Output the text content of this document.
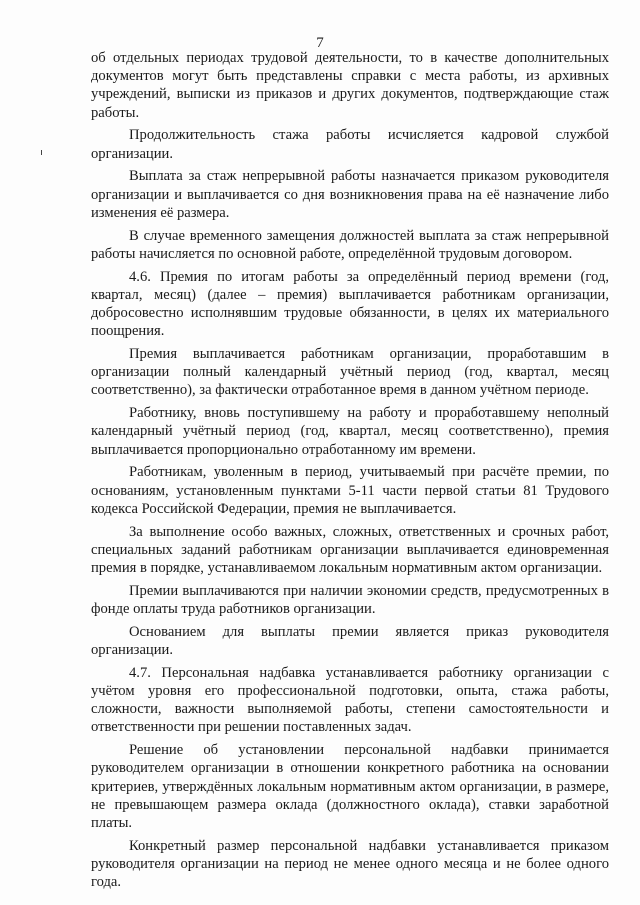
7

об отдельных периодах трудовой деятельности, то в качестве дополнительных документов могут быть представлены справки с места работы, из архивных учреждений, выписки из приказов и других документов, подтверждающие стаж работы.

Продолжительность стажа работы исчисляется кадровой службой организации.

Выплата за стаж непрерывной работы назначается приказом руководителя организации и выплачивается со дня возникновения права на её назначение либо изменения её размера.

В случае временного замещения должностей выплата за стаж непрерывной работы начисляется по основной работе, определённой трудовым договором.

4.6. Премия по итогам работы за определённый период времени (год, квартал, месяц) (далее – премия) выплачивается работникам организации, добросовестно исполнявшим трудовые обязанности, в целях их материального поощрения.

Премия выплачивается работникам организации, проработавшим в организации полный календарный учётный период (год, квартал, месяц соответственно), за фактически отработанное время в данном учётном периоде.

Работнику, вновь поступившему на работу и проработавшему неполный календарный учётный период (год, квартал, месяц соответственно), премия выплачивается пропорционально отработанному им времени.

Работникам, уволенным в период, учитываемый при расчёте премии, по основаниям, установленным пунктами 5-11 части первой статьи 81 Трудового кодекса Российской Федерации, премия не выплачивается.

За выполнение особо важных, сложных, ответственных и срочных работ, специальных заданий работникам организации выплачивается единовременная премия в порядке, устанавливаемом локальным нормативным актом организации.

Премии выплачиваются при наличии экономии средств, предусмотренных в фонде оплаты труда работников организации.

Основанием для выплаты премии является приказ руководителя организации.

4.7. Персональная надбавка устанавливается работнику организации с учётом уровня его профессиональной подготовки, опыта, стажа работы, сложности, важности выполняемой работы, степени самостоятельности и ответственности при решении поставленных задач.

Решение об установлении персональной надбавки принимается руководителем организации в отношении конкретного работника на основании критериев, утверждённых локальным нормативным актом организации, в размере, не превышающем размера оклада (должностного оклада), ставки заработной платы.

Конкретный размер персональной надбавки устанавливается приказом руководителя организации на период не менее одного месяца и не более одного года.
